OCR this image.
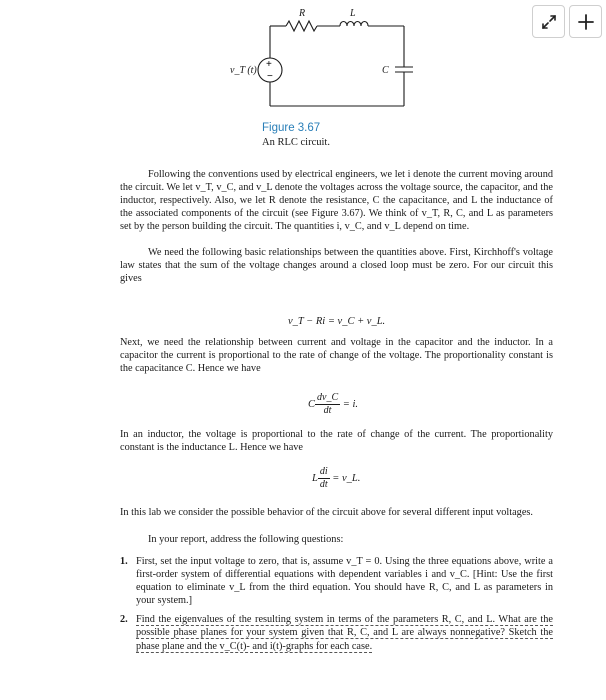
R	L
C
v_T (t)
+
−
Figure 3.67
An RLC circuit.

Following the conventions used by electrical engineers, we let i denote the current moving around the circuit. We let v_T, v_C, and v_L denote the voltages across the voltage source, the capacitor, and the inductor, respectively. Also, we let R denote the resistance, C the capacitance, and L the inductance of the associated components of the circuit (see Figure 3.67). We think of v_T, R, C, and L as parameters set by the person building the circuit. The quantities i, v_C, and v_L depend on time.

We need the following basic relationships between the quantities above. First, Kirchhoff's voltage law states that the sum of the voltage changes around a closed loop must be zero. For our circuit this gives

v_T − Ri = v_C + v_L.

Next, we need the relationship between current and voltage in the capacitor and the inductor. In a capacitor the current is proportional to the rate of change of the voltage. The proportionality constant is the capacitance C. Hence we have

C $\frac{dv\_C}{dt} = i$.

In an inductor, the voltage is proportional to the rate of change of the current. The proportionality constant is the inductance L. Hence we have

L $\frac{di}{dt}$ = v_L.

In this lab we consider the possible behavior of the circuit above for several different input voltages.

In your report, address the following questions:

1. First, set the input voltage to zero, that is, assume v_T = 0. Using the three equations above, write a first-order system of differential equations with dependent variables i and v_C. [Hint: Use the first equation to eliminate v_L from the third equation. You should have R, C, and L as parameters in your system.]
2. Find the eigenvalues of the resulting system in terms of the parameters R, C, and L. What are the possible phase planes for your system given that R, C, and L are always nonnegative? Sketch the phase plane and the v_C(t)- and i(t)-graphs for each case.
